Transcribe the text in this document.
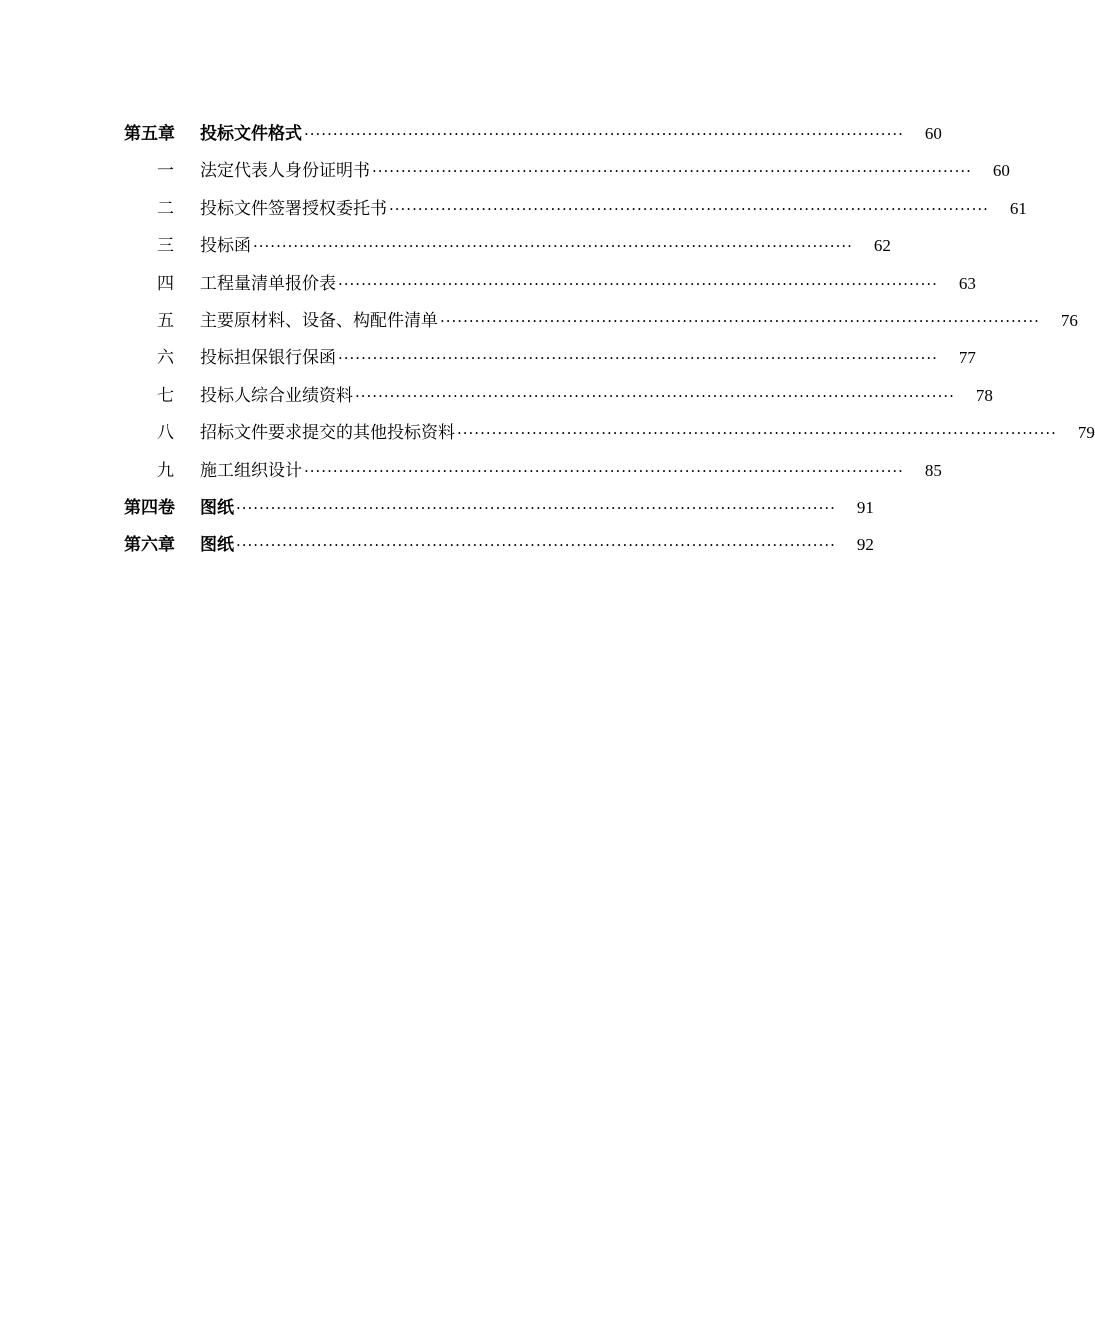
第五章	投标文件格式 ········································································································ 60
一	法定代表人身份证明书 ········································································································ 60
二	投标文件签署授权委托书 ········································································································ 61
三	投标函 ········································································································ 62
四	工程量清单报价表 ········································································································ 63
五	主要原材料、设备、构配件清单 ········································································································ 76
六	投标担保银行保函 ········································································································ 77
七	投标人综合业绩资料 ········································································································ 78
八	招标文件要求提交的其他投标资料 ········································································································ 79
九	施工组织设计 ········································································································ 85
第四卷	图纸 ········································································································ 91
第六章	图纸 ········································································································ 92
